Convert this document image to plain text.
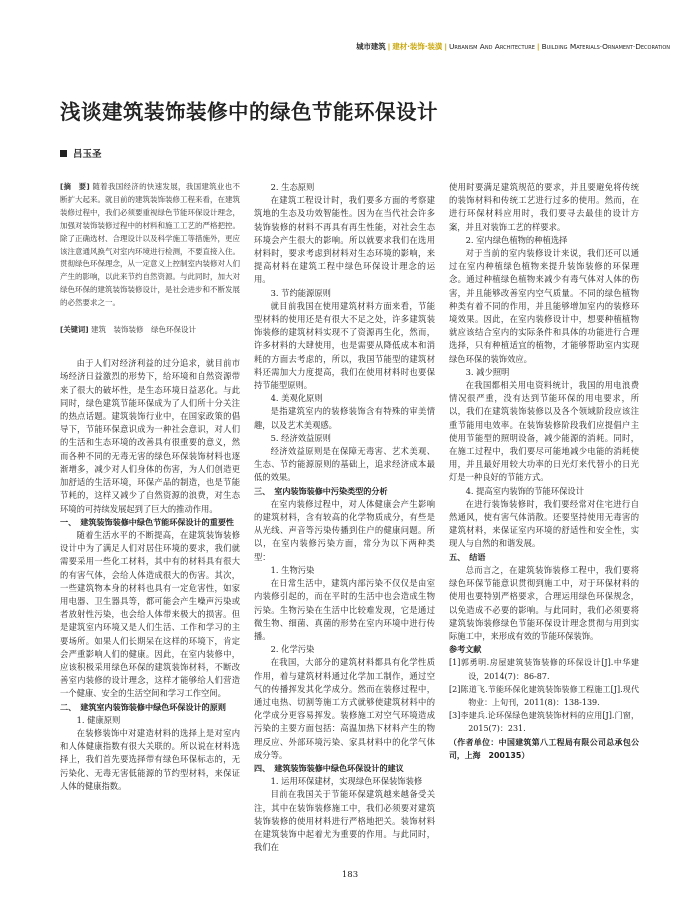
城市建筑 | 建材·装饰·装潢 | Urbanism And Architecture | Building Materials·Ornament·Decoration
浅谈建筑装饰装修中的绿色节能环保设计
吕玉圣

[摘　要] 随着我国经济的快速发展，我国建筑业也不断扩大起来。就目前的建筑装饰装修工程来看，在建筑装修过程中，我们必须要重视绿色节能环保设计理念，加强对装饰装修过程中的材料和施工工艺的严格把控。除了正确选材、合理设计以及科学施工等措施外，更应该注意通风换气对室内环境进行检测，不要直接入住。贯彻绿色环保理念，从一定意义上控制室内装修对人们产生的影响，以此来节约自然资源。与此同时，加大对绿色环保的建筑装饰装修设计，是社会进步和不断发展的必然要求之一。

[关键词] 建筑　装饰装修　绿色环保设计

由于人们对经济利益的过分追求，就目前市场经济日益激烈的形势下，给环境和自然资源带来了很大的破坏性，是生态环境日益恶化。与此同时，绿色建筑节能环保成为了人们所十分关注的热点话题。建筑装饰行业中，在国家政策的倡导下，节能环保意识成为一种社会意识，对人们的生活和生态环境的改善具有很重要的意义，然而各种不同的无毒无害的绿色环保装饰材料也逐渐增多，减少对人们身体的伤害，为人们创造更加舒适的生活环境，环保产品的制造，也是节能节耗的，这样又减少了自然资源的浪费，对生态环境的可持续发展起到了巨大的推动作用。

一、　建筑装饰装修中绿色节能环保设计的重要性

随着生活水平的不断提高，在建筑装饰装修设计中为了满足人们对居住环境的要求，我们就需要采用一些化工材料，其中有的材料具有很大的有害气体，会给人体造成很大的伤害。其次，一些建筑物本身的材料也具有一定危害性，如家用电器、卫生器具等，都可能会产生噪声污染或者放射性污染，也会给人体带来极大的损害。但是建筑室内环境又是人们生活、工作和学习的主要场所。如果人们长期呆在这样的环境下，肯定会严重影响人们的健康。因此，在室内装修中，应该积极采用绿色环保的建筑装饰材料，不断改善室内装修的设计理念，这样才能够给人们营造一个健康、安全的生活空间和学习工作空间。

二、　建筑室内装饰装修中绿色环保设计的原则

1. 健康原则

在装修装饰中对建造材料的选择上是对室内和人体健康指数有很大关联的。所以说在材料选择上，我们首先要选择带有绿色环保标志的，无污染化、无毒无害低能源的节约型材料，来保证人体的健康指数。

2. 生态原则

在建筑工程设计时，我们要多方面的考察建筑地的生态及功效智能性。因为在当代社会许多装饰装修的材料不再具有再生性能，对社会生态环境会产生很大的影响。所以就要求我们在选用材料时，要求考虑到材料对生态环境的影响，来提高材料在建筑工程中绿色环保设计理念的运用。

3. 节约能源原则

就目前我国在使用建筑材料方面来看，节能型材料的使用还是有很大不足之处，许多建筑装饰装修的建筑材料实现不了资源再生化，然而，许多材料的大肆使用，也是需要从降低成本和消耗的方面去考虑的，所以，我国节能型的建筑材料还需加大力度提高，我们在使用材料时也要保持节能型原则。

4. 美观化原则

是指建筑室内的装修装饰含有特殊的审美情趣，以及艺术美观感。

5. 经济效益原则

经济效益原则是在保障无毒害、艺术美观、生态、节约能源原则的基础上，追求经济成本最低的效果。

三、　室内装饰装修中污染类型的分析

在室内装修过程中，对人体健康会产生影响的建筑材料，含有较高的化学物质成分，有些是从光线、声音等污染传播到住户的健康问题。所以，在室内装修污染方面，常分为以下两种类型：

1. 生物污染

在日常生活中，建筑内部污染不仅仅是由室内装修引起的，而在平时的生活中也会造成生物污染。生物污染在生活中比较难发现，它是通过微生物、细菌、真菌的形势在室内环境中进行传播。

2. 化学污染

在我国，大部分的建筑材料都具有化学性质作用，着与建筑材料通过化学加工制作，通过空气的传播挥发其化学成分。然而在装修过程中，通过电热、切割等施工方式就够使建筑材料中的化学成分更容易挥发。装修施工对空气环境造成污染的主要方面包括：高温加热下材料产生的物理反应、外部环境污染、家具材料中的化学气体成分等。

四、　建筑装饰装修中绿色环保设计的建议

1. 运用环保建材，实现绿色环保装饰装修

目前在我国关于节能环保建筑越来越备受关注，其中在装饰装修施工中，我们必须要对建筑装饰装修的使用材料进行严格地把关。装饰材料在建筑装饰中起着尤为重要的作用。与此同时，我们在

使用时要满足建筑规范的要求，并且要避免将传统的装饰材料和传统工艺进行过多的使用。然而，在进行环保材料应用时，我们要寻去最佳的设计方案，并且对装饰工艺的样要求。

2. 室内绿色植物的种植选择

对于当前的室内装修设计来说，我们还可以通过在室内种植绿色植物来提升装饰装修的环保理念。通过种植绿色植物来减少有毒气体对人体的伤害，并且能够改善室内空气质量。不同的绿色植物种类有着不同的作用，并且能够增加室内的装修环境效果。因此，在室内装修设计中，想要种植植物就应该结合室内的实际条件和具体的功能进行合理选择，只有种植适宜的植物，才能够帮助室内实现绿色环保的装饰效应。

3. 减少照明

在我国都相关用电资料统计，我国的用电浪费情况很严重，没有达到节能环保的用电要求，所以，我们在建筑装饰装修以及各个领域阶段应该注重节能用电效率。在装饰装修阶段我们应提倡户主使用节能型的照明设备，减少能源的消耗。同时，在施工过程中，我们要尽可能地减少电能的消耗使用，并且最好用较大功率的日光灯来代替小的日光灯是一种良好的节能方式。

4. 提高室内装饰的节能环保设计

在进行装饰装修时，我们要经常对住宅进行自然通风，使有害气体消散。还要坚持使用无毒害的建筑材料，来保证室内环境的舒适性和安全性，实现人与自然的和谐发展。

五、　结语

总而言之，在建筑装饰装修工程中，我们要将绿色环保节能意识贯彻到施工中，对于环保材料的使用也要特别严格要求，合理运用绿色环保规念，以免造成不必要的影响。与此同时，我们必须要将建筑装饰装修绿色节能环保设计理念贯彻与用到实际施工中，来形成有效的节能环保装饰。

参考文献

[1]郭勇明.房屋建筑装饰装修的环保设计[J].中华建设，2014(7)：86-87.

[2]陈道飞.节能环保化建筑装饰装修工程施工[J].现代物业：上旬刊，2011(8)：138-139.

[3]李建兵.论环保绿色建筑装饰材料的应用[J].门窗，2015(7)：231.

（作者单位：中国建筑第八工程局有限公司总承包公司，上海　200135）

183
